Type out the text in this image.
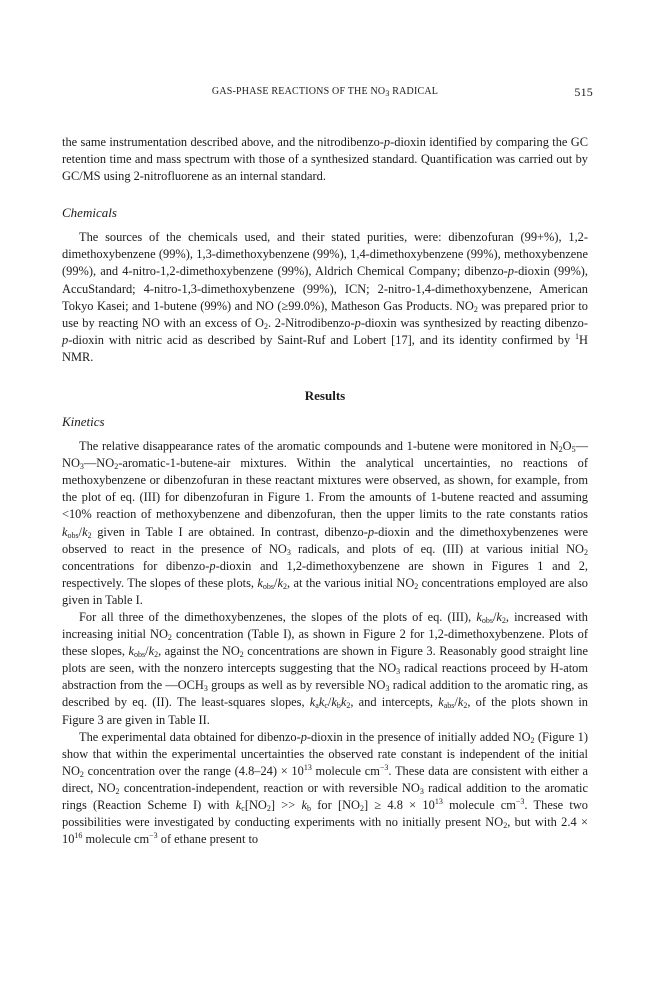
GAS-PHASE REACTIONS OF THE $NO_3$ RADICAL	515

the same instrumentation described above, and the nitrodibenzo-p-dioxin identified by comparing the GC retention time and mass spectrum with those of a synthesized standard. Quantification was carried out by GC/MS using 2-nitrofluorene as an internal standard.

Chemicals

The sources of the chemicals used, and their stated purities, were: dibenzofuran (99+%), 1,2-dimethoxybenzene (99%), 1,3-dimethoxybenzene (99%), 1,4-dimethoxybenzene (99%), methoxybenzene (99%), and 4-nitro-1,2-dimethoxybenzene (99%), Aldrich Chemical Company; dibenzo-p-dioxin (99%), AccuStandard; 4-nitro-1,3-dimethoxybenzene (99%), ICN; 2-nitro-1,4-dimethoxybenzene, American Tokyo Kasei; and 1-butene (99%) and NO (≥99.0%), Matheson Gas Products. $NO_2$ was prepared prior to use by reacting NO with an excess of $O_2$. 2-Nitrodibenzo-p-dioxin was synthesized by reacting dibenzo-p-dioxin with nitric acid as described by Saint-Ruf and Lobert [17], and its identity confirmed by $^1$H NMR.

Results
Kinetics

The relative disappearance rates of the aromatic compounds and 1-butene were monitored in $N_2O_5—NO_3—NO_2-aromatic-1-butene$-air mixtures. Within the analytical uncertainties, no reactions of methoxybenzene or dibenzofuran in these reactant mixtures were observed, as shown, for example, from the plot of eq. (III) for dibenzofuran in Figure 1. From the amounts of 1-butene reacted and assuming <10% reaction of methoxybenzene and dibenzofuran, then the upper limits to the rate constants ratios $k_{obs}/k_2$ given in Table I are obtained. In contrast, dibenzo-p-dioxin and the dimethoxybenzenes were observed to react in the presence of $NO_3$ radicals, and plots of eq. (III) at various initial $NO_2$ concentrations for dibenzo-p-dioxin and 1,2-dimethoxybenzene are shown in Figures 1 and 2, respectively. The slopes of these plots, $k_{obs}/k_2$, at the various initial $NO_2$ concentrations employed are also given in Table I.

For all three of the dimethoxybenzenes, the slopes of the plots of eq. (III), $k_{obs}/k_2$, increased with increasing initial $NO_2$ concentration (Table I), as shown in Figure 2 for 1,2-dimethoxybenzene. Plots of these slopes, $k_{obs}/k_2$, against the $NO_2$ concentrations are shown in Figure 3. Reasonably good straight line plots are seen, with the nonzero intercepts suggesting that the $NO_3$ radical reactions proceed by H-atom abstraction from the $—OCH_3$ groups as well as by reversible $NO_3$ radical addition to the aromatic ring, as described by eq. (II). The least-squares slopes, $k_ak_c/k_bk_2$, and intercepts, $k_{abs}/k_2$, of the plots shown in Figure 3 are given in Table II.

The experimental data obtained for dibenzo-p-dioxin in the presence of initially added $NO_2$ (Figure 1) show that within the experimental uncertainties the observed rate constant is independent of the initial $NO_2$ concentration over the range $(4.8-24) \times 10^{13}$ molecule $cm^{-3}$. These data are consistent with either a direct, $NO_2$ concentration-independent, reaction or with reversible $NO_3$ radical addition to the aromatic rings (Reaction Scheme I) with $k_c[NO_2] >> k_b$ for $[NO_2] \ge 4.8 \times 10^{13}$ molecule $cm^{-3}$. These two possibilities were investigated by conducting experiments with no initially present $NO_2$, but with $2.4 \times 10^{16}$ molecule $cm^{-3}$ of ethane present to
